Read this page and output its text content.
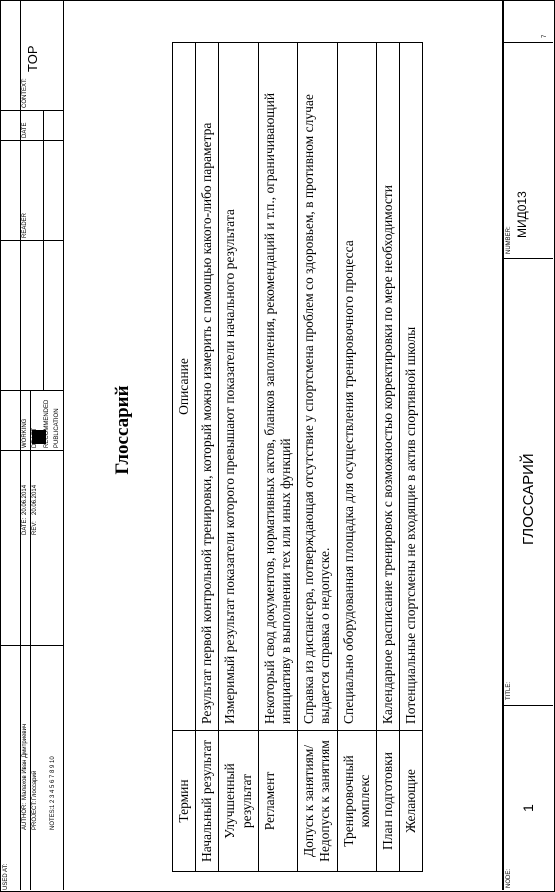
USED AT:
AUTHOR:
Малахов Иван Дмитриевич
PROJECT:
Глоссарий
NOTES:
1 2 3 4 5 6 7 8 9 10
DATE:
20.06.2014
REV:
20.06.2014
WORKING	RECOMMENDED PUBLICATION
READER
DATE
CONTEXT:
TOP
Глоссарий
Термин	Описание
Начальный результат	Результат первой контрольной тренировки, который можно измерить с помощью какого-либо параметра
Улучшенный результат	Измеримый результат показатели которого превышают показатели начального результата
Регламент	Некоторый свод документов, нормативных актов, бланков заполнения, рекомендаций и т.п., ограничивающий инициативу в выполнении тех или иных функций
Допуск к занятиям/ Недопуск к занятиям	Справка из диспансера, потверждающая отсутствие у спортсмена проблем со здоровьем, в противном случае выдается справка о недопуске.
Тренировочный комплекс	Специально оборудованная площадка для осуществления тренировочного процесса
План подготовки	Календарное расписание тренировок с возможностью корректировки по мере необходимости
Желающие	Потенциальные спортсмены не входящие в актив спортивной школы
NODE:
1
TITLE:
ГЛОССАРИЙ
NUMBER:
МИД013
7
